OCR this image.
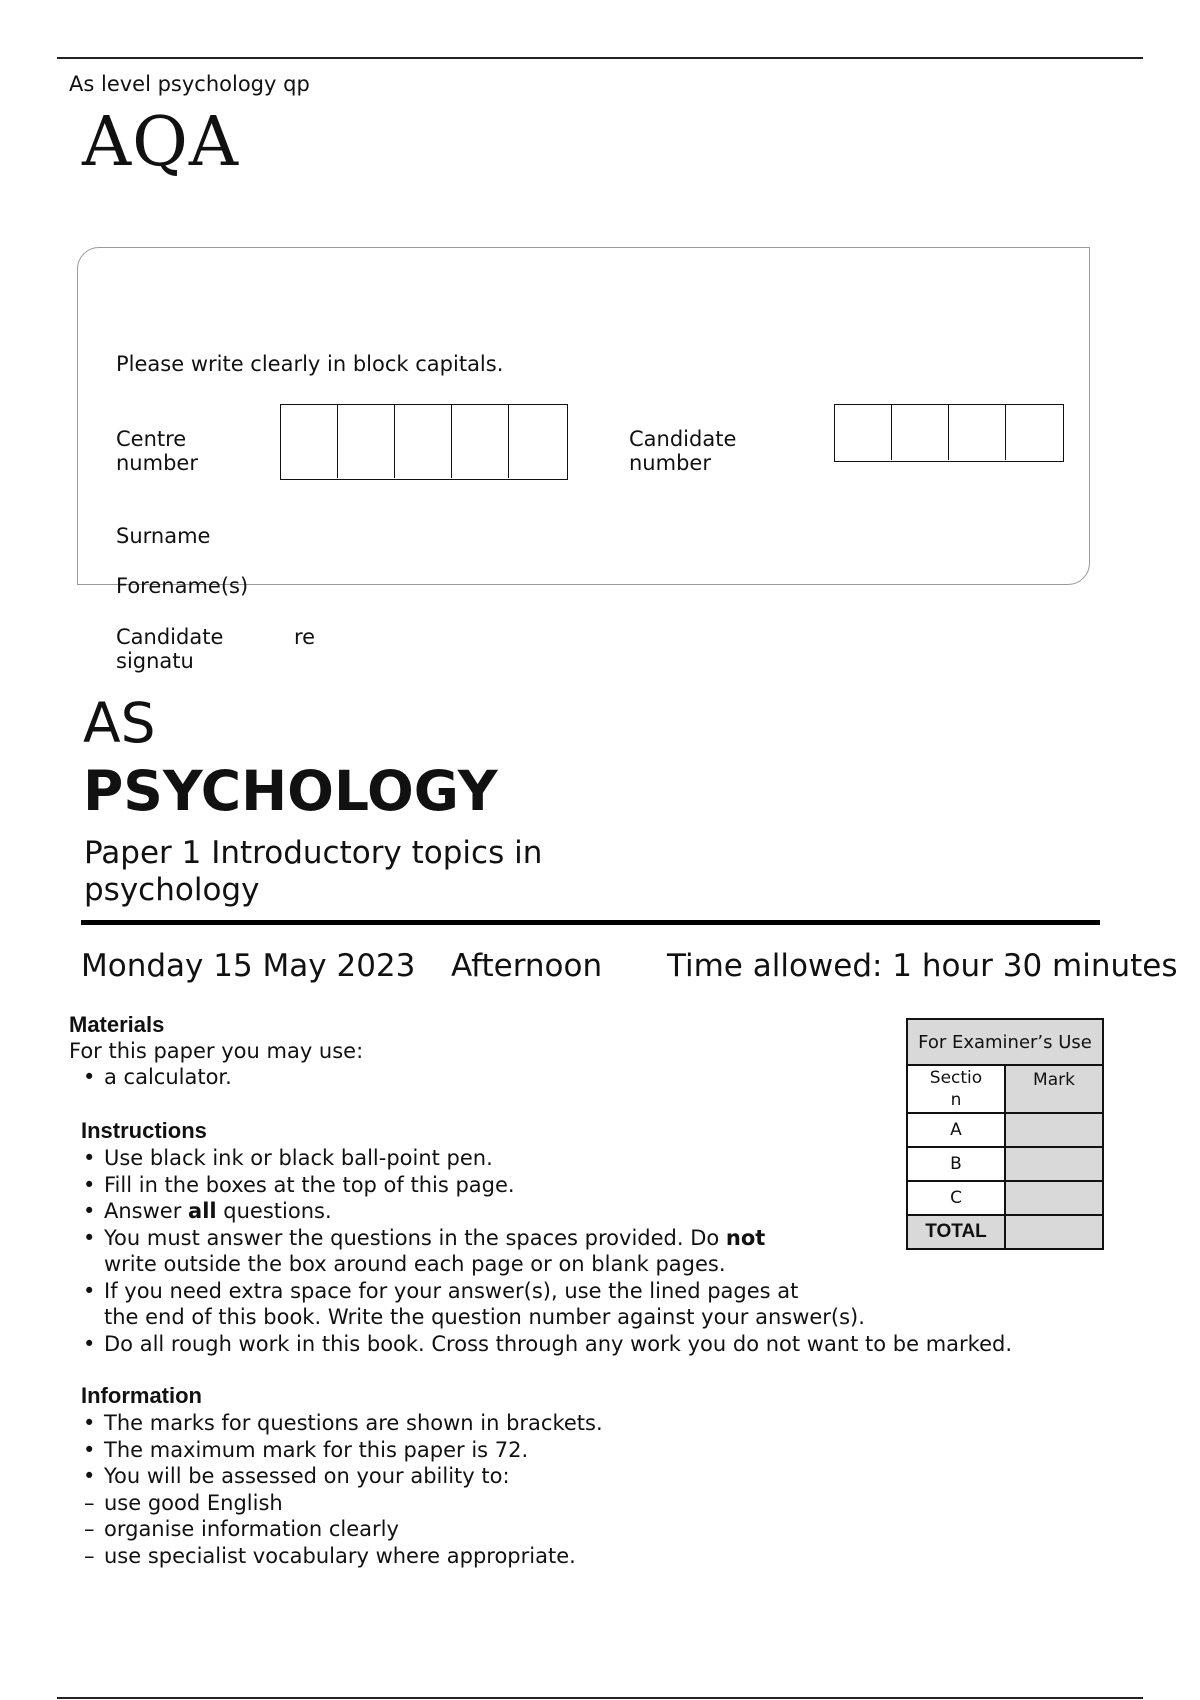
As level psychology qp
AQA
Please write clearly in block capitals.
Centre
number
Candidate
number
Surname
Forename(s)
Candidate
signatu
re
AS
PSYCHOLOGY
Paper 1 Introductory topics in
psychology
Monday 15 May 2023 Afternoon Time allowed: 1 hour 30 minutes
Materials
For this paper you may use:
• a calculator.
Instructions
• Use black ink or black ball-point pen.
• Fill in the boxes at the top of this page.
• Answer all questions.
• You must answer the questions in the spaces provided. Do not
write outside the box around each page or on blank pages.
• If you need extra space for your answer(s), use the lined pages at
the end of this book. Write the question number against your answer(s).
• Do all rough work in this book. Cross through any work you do not want to be marked.
Information
• The marks for questions are shown in brackets.
• The maximum mark for this paper is 72.
• You will be assessed on your ability to:
– use good English
– organise information clearly
– use specialist vocabulary where appropriate.
For Examiner’s Use	

Sectio
n	Mark
A	
B	
C	
TOTAL	
